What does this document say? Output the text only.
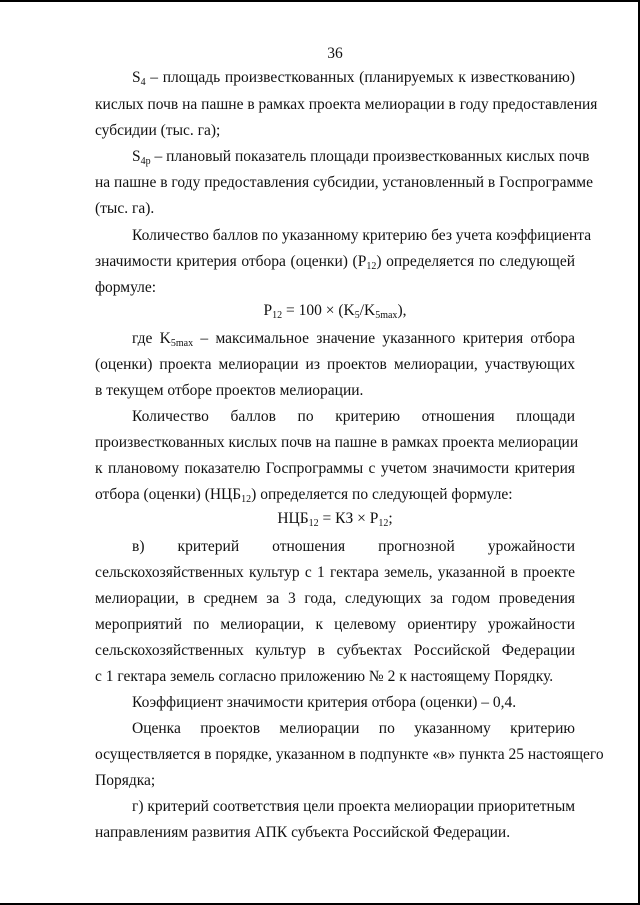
36
$S_4$ – площадь произвесткованных (планируемых к известкованию)
кислых почв на пашне в рамках проекта мелиорации в году предоставления
субсидии (тыс. га);
$S_{4р}$ – плановый показатель площади произвесткованных кислых почв
на пашне в году предоставления субсидии, установленный в Госпрограмме
(тыс. га).
Количество баллов по указанному критерию без учета коэффициента
значимости критерия отбора (оценки) $(P_{12})$ определяется по следующей
формуле:
$P_{12} = 100 \times (K_5/K_{5max})$,
где $K_{5max}$ – максимальное значение указанного критерия отбора
(оценки) проекта мелиорации из проектов мелиорации, участвующих
в текущем отборе проектов мелиорации.
Количество баллов по критерию отношения площади
произвесткованных кислых почв на пашне в рамках проекта мелиорации
к плановому показателю Госпрограммы с учетом значимости критерия
отбора (оценки) $(НЦБ_{12})$ определяется по следующей формуле:
$НЦБ_{12}$ = КЗ × $P_{12}$;
в) критерий отношения прогнозной урожайности
сельскохозяйственных культур с 1 гектара земель, указанной в проекте
мелиорации, в среднем за 3 года, следующих за годом проведения
мероприятий по мелиорации, к целевому ориентиру урожайности
сельскохозяйственных культур в субъектах Российской Федерации
с 1 гектара земель согласно приложению № 2 к настоящему Порядку.
Коэффициент значимости критерия отбора (оценки) – 0,4.
Оценка проектов мелиорации по указанному критерию
осуществляется в порядке, указанном в подпункте «в» пункта 25 настоящего
Порядка;
г) критерий соответствия цели проекта мелиорации приоритетным
направлениям развития АПК субъекта Российской Федерации.
